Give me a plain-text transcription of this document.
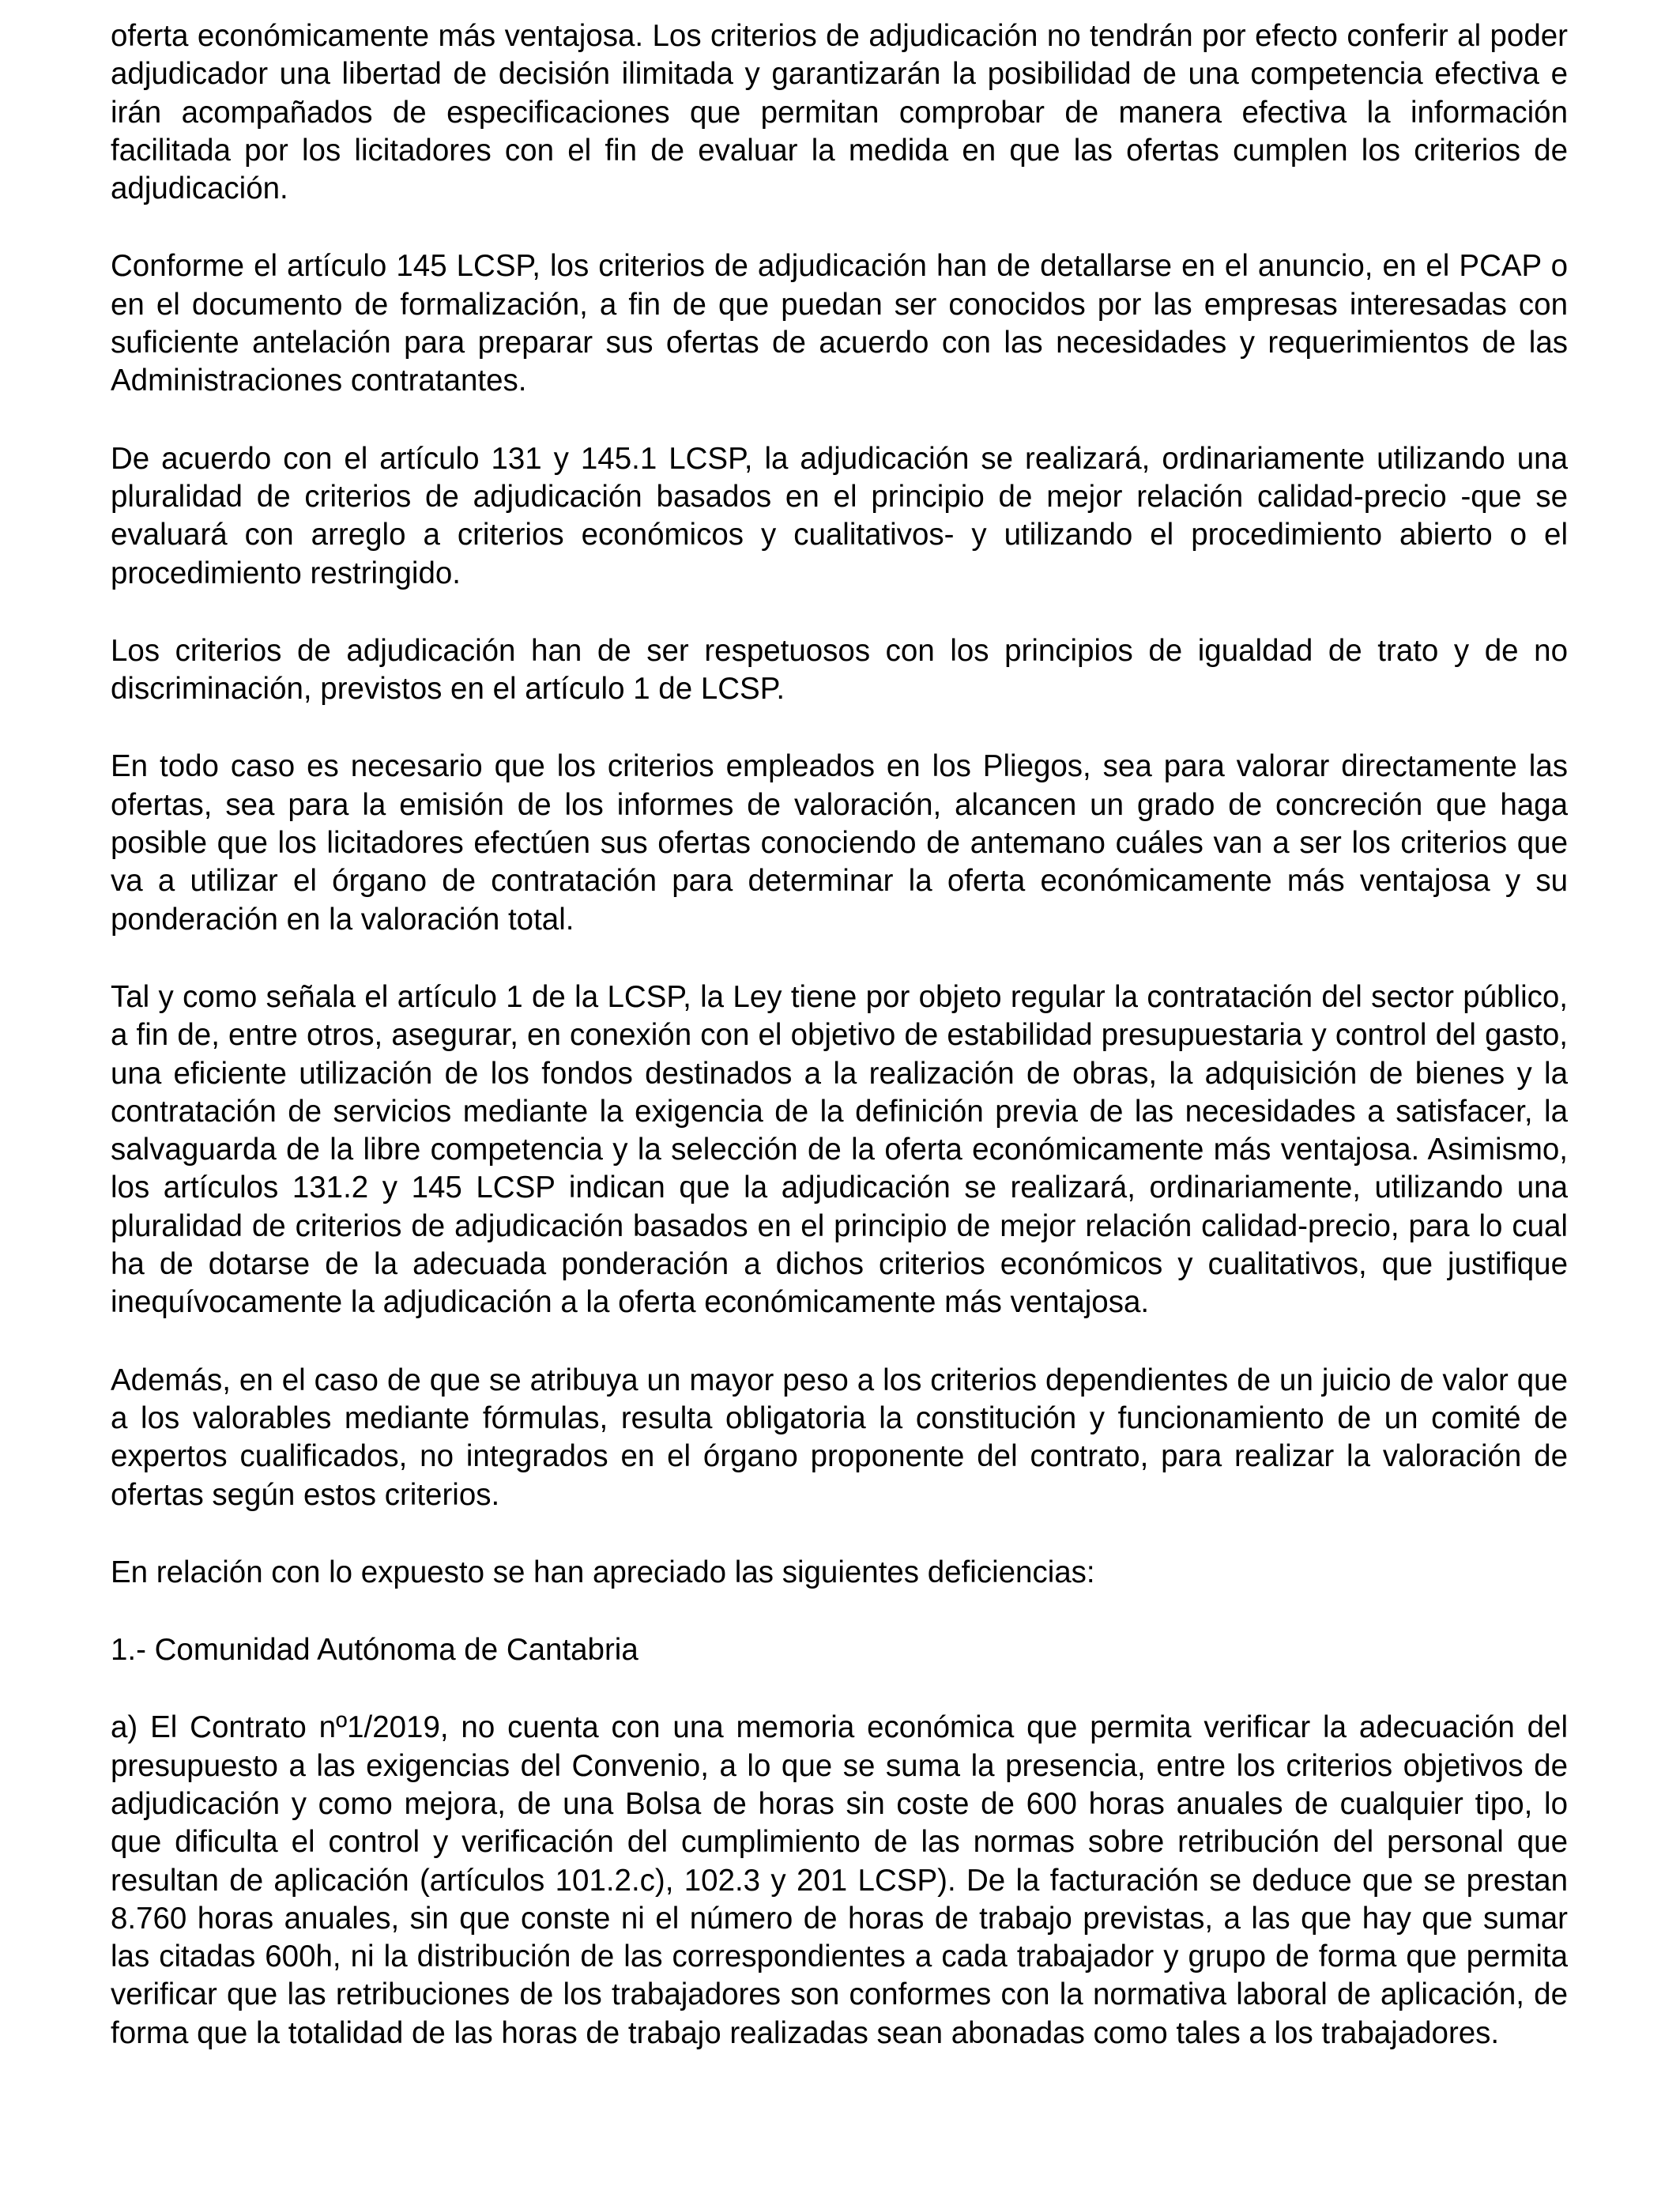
oferta económicamente más ventajosa. Los criterios de adjudicación no tendrán por efecto conferir al poder adjudicador una libertad de decisión ilimitada y garantizarán la posibilidad de una competencia efectiva e irán acompañados de especificaciones que permitan comprobar de manera efectiva la información facilitada por los licitadores con el fin de evaluar la medida en que las ofertas cumplen los criterios de adjudicación.

Conforme el artículo 145 LCSP, los criterios de adjudicación han de detallarse en el anuncio, en el PCAP o en el documento de formalización, a fin de que puedan ser conocidos por las empresas interesadas con suficiente antelación para preparar sus ofertas de acuerdo con las necesidades y requerimientos de las Administraciones contratantes.

De acuerdo con el artículo 131 y 145.1 LCSP, la adjudicación se realizará, ordinariamente utilizando una pluralidad de criterios de adjudicación basados en el principio de mejor relación calidad-precio -que se evaluará con arreglo a criterios económicos y cualitativos- y utilizando el procedimiento abierto o el procedimiento restringido.

Los criterios de adjudicación han de ser respetuosos con los principios de igualdad de trato y de no discriminación, previstos en el artículo 1 de LCSP.

En todo caso es necesario que los criterios empleados en los Pliegos, sea para valorar directamente las ofertas, sea para la emisión de los informes de valoración, alcancen un grado de concreción que haga posible que los licitadores efectúen sus ofertas conociendo de antemano cuáles van a ser los criterios que va a utilizar el órgano de contratación para determinar la oferta económicamente más ventajosa y su ponderación en la valoración total.

Tal y como señala el artículo 1 de la LCSP, la Ley tiene por objeto regular la contratación del sector público, a fin de, entre otros, asegurar, en conexión con el objetivo de estabilidad presupuestaria y control del gasto, una eficiente utilización de los fondos destinados a la realización de obras, la adquisición de bienes y la contratación de servicios mediante la exigencia de la definición previa de las necesidades a satisfacer, la salvaguarda de la libre competencia y la selección de la oferta económicamente más ventajosa. Asimismo, los artículos 131.2 y 145 LCSP indican que la adjudicación se realizará, ordinariamente, utilizando una pluralidad de criterios de adjudicación basados en el principio de mejor relación calidad-precio, para lo cual ha de dotarse de la adecuada ponderación a dichos criterios económicos y cualitativos, que justifique inequívocamente la adjudicación a la oferta económicamente más ventajosa.

Además, en el caso de que se atribuya un mayor peso a los criterios dependientes de un juicio de valor que a los valorables mediante fórmulas, resulta obligatoria la constitución y funcionamiento de un comité de expertos cualificados, no integrados en el órgano proponente del contrato, para realizar la valoración de ofertas según estos criterios.

En relación con lo expuesto se han apreciado las siguientes deficiencias:

1.- Comunidad Autónoma de Cantabria

a) El Contrato nº1/2019, no cuenta con una memoria económica que permita verificar la adecuación del presupuesto a las exigencias del Convenio, a lo que se suma la presencia, entre los criterios objetivos de adjudicación y como mejora, de una Bolsa de horas sin coste de 600 horas anuales de cualquier tipo, lo que dificulta el control y verificación del cumplimiento de las normas sobre retribución del personal que resultan de aplicación (artículos 101.2.c), 102.3 y 201 LCSP). De la facturación se deduce que se prestan 8.760 horas anuales, sin que conste ni el número de horas de trabajo previstas, a las que hay que sumar las citadas 600h, ni la distribución de las correspondientes a cada trabajador y grupo de forma que permita verificar que las retribuciones de los trabajadores son conformes con la normativa laboral de aplicación, de forma que la totalidad de las horas de trabajo realizadas sean abonadas como tales a los trabajadores.
